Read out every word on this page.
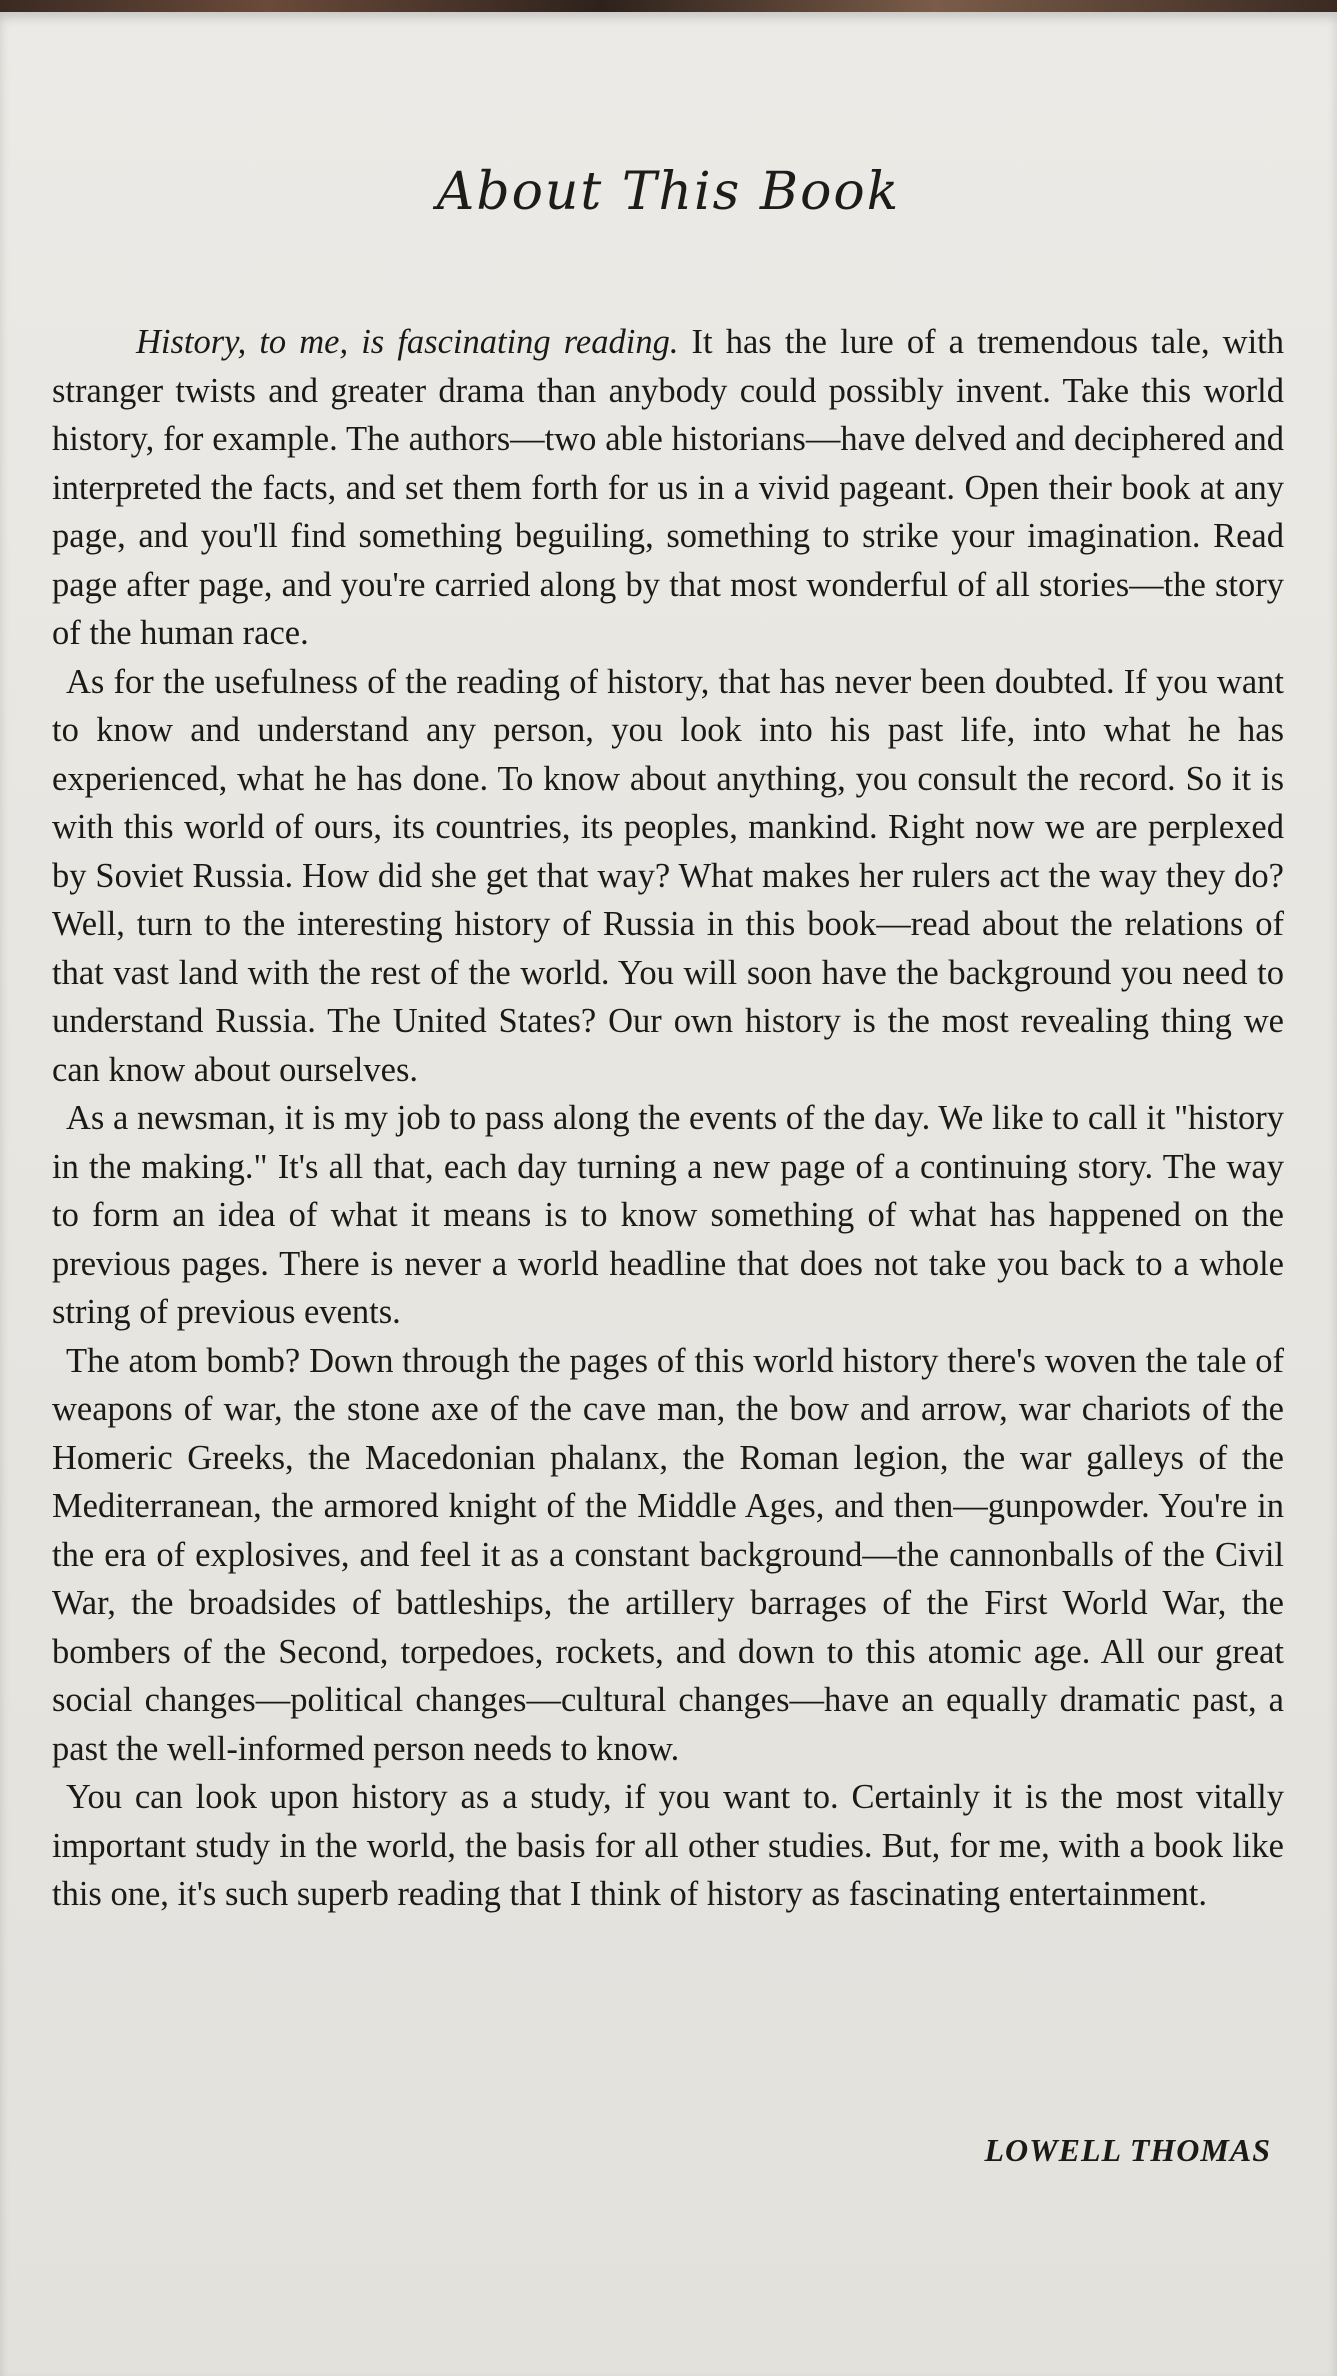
About This Book

History, to me, is fascinating reading. It has the lure of a tremendous tale, with stranger twists and greater drama than anybody could possibly invent. Take this world history, for example. The authors—two able historians—have delved and deciphered and interpreted the facts, and set them forth for us in a vivid pageant. Open their book at any page, and you'll find something beguiling, something to strike your imagination. Read page after page, and you're carried along by that most wonderful of all stories—the story of the human race.

As for the usefulness of the reading of history, that has never been doubted. If you want to know and understand any person, you look into his past life, into what he has experienced, what he has done. To know about anything, you consult the record. So it is with this world of ours, its countries, its peoples, mankind. Right now we are perplexed by Soviet Russia. How did she get that way? What makes her rulers act the way they do? Well, turn to the interesting history of Russia in this book—read about the relations of that vast land with the rest of the world. You will soon have the background you need to understand Russia. The United States? Our own history is the most revealing thing we can know about ourselves.

As a newsman, it is my job to pass along the events of the day. We like to call it "history in the making." It's all that, each day turning a new page of a continuing story. The way to form an idea of what it means is to know something of what has happened on the previous pages. There is never a world headline that does not take you back to a whole string of previous events.

The atom bomb? Down through the pages of this world history there's woven the tale of weapons of war, the stone axe of the cave man, the bow and arrow, war chariots of the Homeric Greeks, the Macedonian phalanx, the Roman legion, the war galleys of the Mediterranean, the armored knight of the Middle Ages, and then—gunpowder. You're in the era of explosives, and feel it as a constant background—the cannonballs of the Civil War, the broadsides of battleships, the artillery barrages of the First World War, the bombers of the Second, torpedoes, rockets, and down to this atomic age. All our great social changes—political changes—cultural changes—have an equally dramatic past, a past the well-informed person needs to know.

You can look upon history as a study, if you want to. Certainly it is the most vitally important study in the world, the basis for all other studies. But, for me, with a book like this one, it's such superb reading that I think of history as fascinating entertainment.

LOWELL THOMAS
